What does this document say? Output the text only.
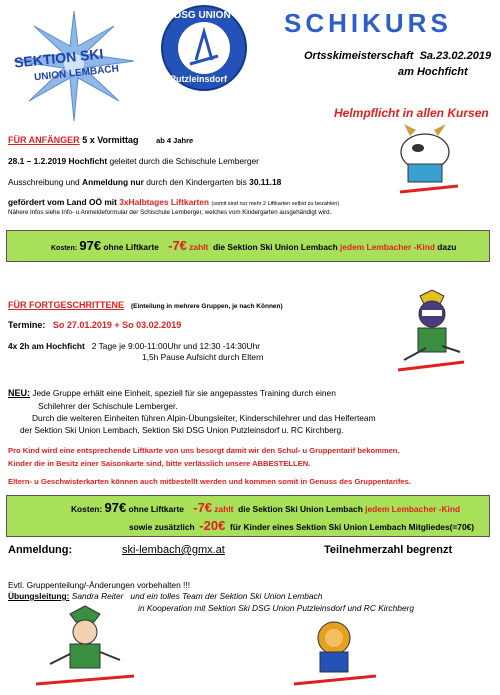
SEKTION SKI
UNION LEMBACH
DSG UNION
Putzleinsdorf
SCHIKURS
Ortsskimeisterschaft Sa.23.02.2019
am Hochficht
Helmpflicht in allen Kursen
FÜR ANFÄNGER 5 x Vormittag ab 4 Jahre
28.1 – 1.2.2019 Hochficht geleitet durch die Schischule Lemberger
Ausschreibung und Anmeldung nur durch den Kindergarten bis 30.11.18
gefördert vom Land OÖ mit 3xHalbtages Liftkarten (somit sind nur mehr 2 Liftkarten selbst zu bezahlen)
Nähere Infos siehe Info- u Anmeldeformular der Schischule Lemberger, welches vom Kindergarten ausgehändigt wird.
Kosten: 97€ ohne Liftkarte -7€ zahlt die Sektion Ski Union Lembach jedem Lembacher -Kind dazu
FÜR FORTGESCHRITTENE (Einteilung in mehrere Gruppen, je nach Können)
Termine: So 27.01.2019 + So 03.02.2019
4x 2h am Hochficht 2 Tage je 9:00-11:00Uhr und 12:30 -14:30Uhr
1,5h Pause Aufsicht durch Eltern
NEU: Jede Gruppe erhält eine Einheit, speziell für sie angepasstes Training durch einen
Schilehrer der Schischule Lemberger.
Durch die weiteren Einheiten führen Alpin-Übungsleiter, Kinderschilehrer und das Helferteam
der Sektion Ski Union Lembach, Sektion Ski DSG Union Putzleinsdorf u. RC Kirchberg.
Pro Kind wird eine entsprechende Liftkarte von uns besorgt damit wir den Schul- u Gruppentarif bekommen.
Kinder die in Besitz einer Saisonkarte sind, bitte verlässlich unsere ABBESTELLEN.
Eltern- u Geschwisterkarten können auch mitbestellt werden und kommen somit in Genuss des Gruppentarifes.
Kosten: 97€ ohne Liftkarte -7€ zahlt die Sektion Ski Union Lembach jedem Lembacher -Kind
sowie zusätzlich -20€ für Kinder eines Sektion Ski Union Lembach Mitgliedes(=70€)
Anmeldung:	ski-lembach@gmx.at	Teilnehmerzahl begrenzt
Evtl. Gruppenteilung/-Änderungen vorbehalten !!!
Übungsleitung: Sandra Reiter und ein tolles Team der Sektion Ski Union Lembach
in Kooperation mit Sektion Ski DSG Union Putzleinsdorf und RC Kirchberg
